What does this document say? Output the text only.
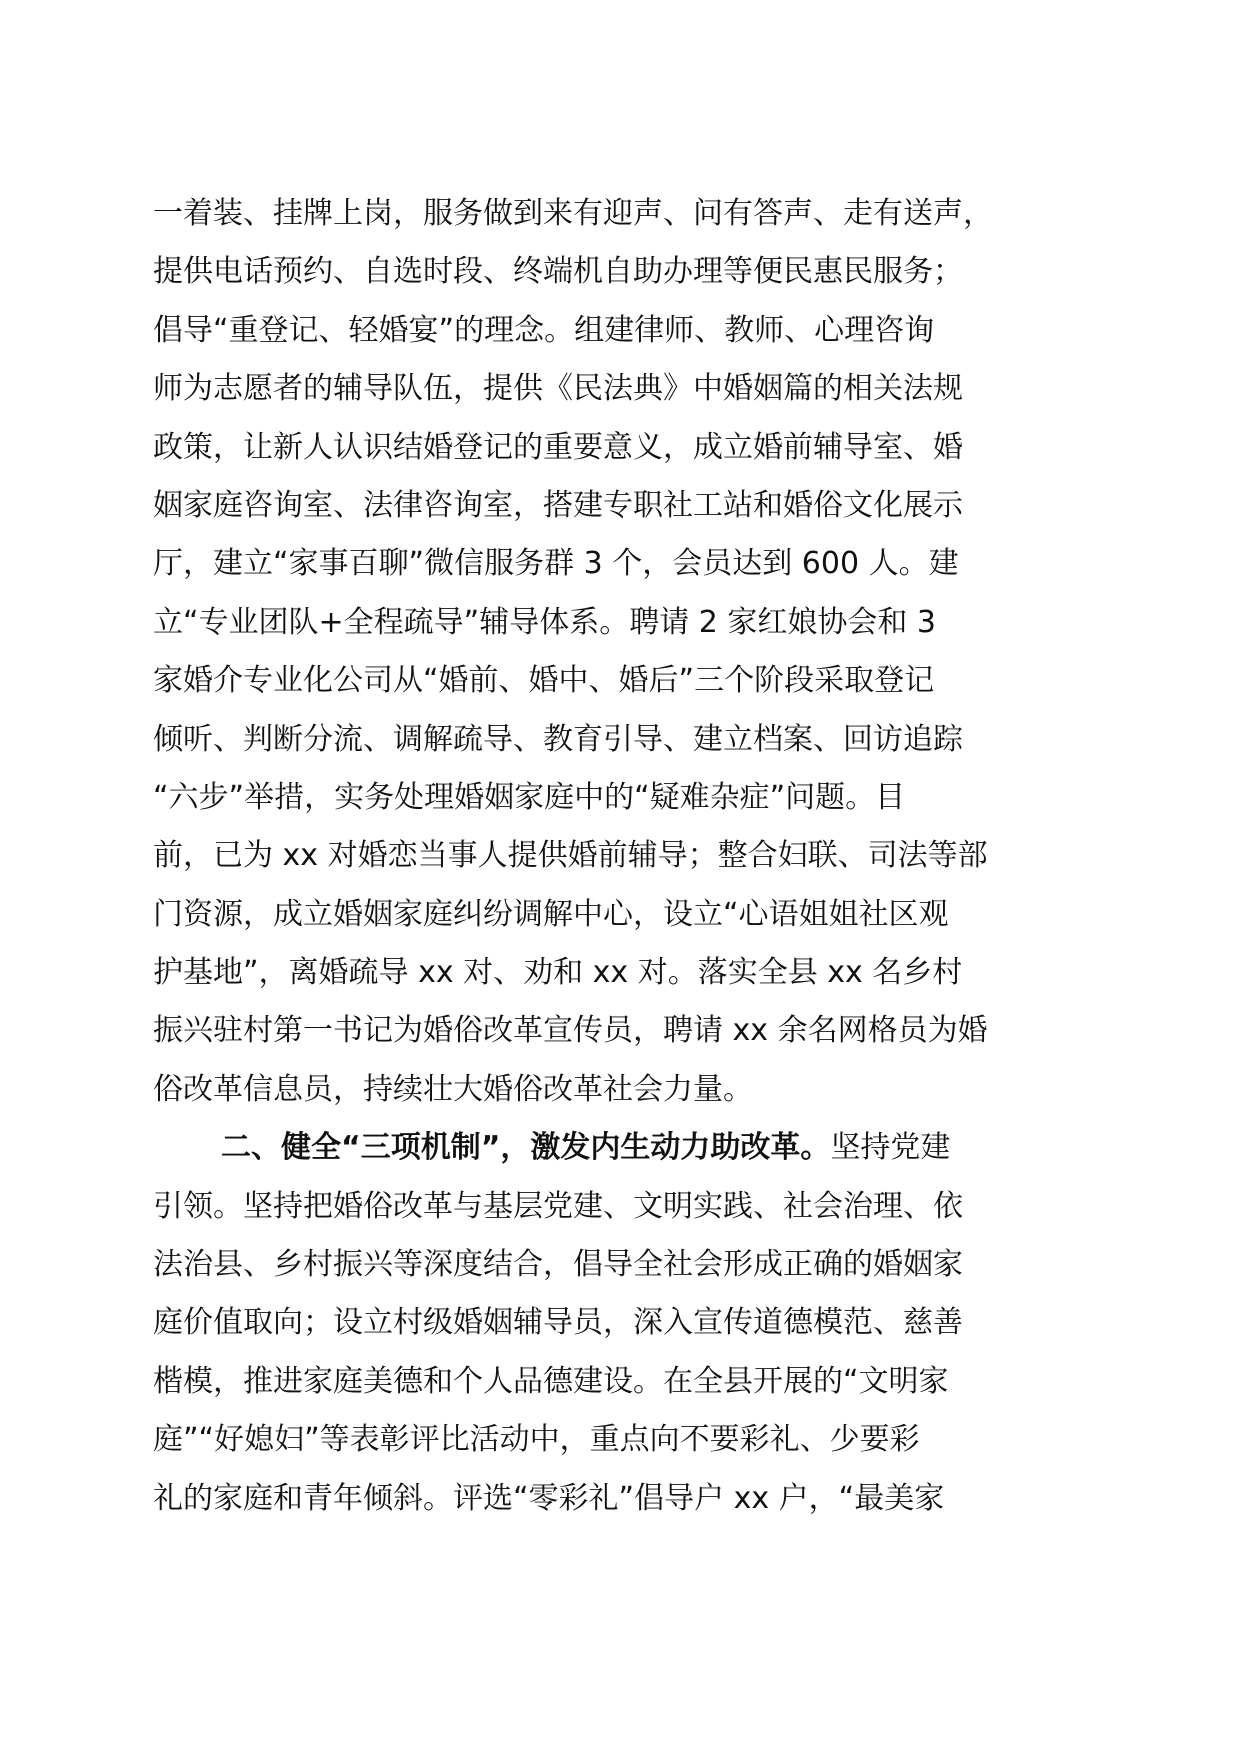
一着装、挂牌上岗，服务做到来有迎声、问有答声、走有送声，
提供电话预约、自选时段、终端机自助办理等便民惠民服务；
倡导“重登记、轻婚宴”的理念。组建律师、教师、心理咨询
师为志愿者的辅导队伍，提供《民法典》中婚姻篇的相关法规
政策，让新人认识结婚登记的重要意义，成立婚前辅导室、婚
姻家庭咨询室、法律咨询室，搭建专职社工站和婚俗文化展示
厅，建立“家事百聊”微信服务群 3 个，会员达到 600 人。建
立“专业团队+全程疏导”辅导体系。聘请 2 家红娘协会和 3
家婚介专业化公司从“婚前、婚中、婚后”三个阶段采取登记
倾听、判断分流、调解疏导、教育引导、建立档案、回访追踪
“六步”举措，实务处理婚姻家庭中的“疑难杂症”问题。目
前，已为 xx 对婚恋当事人提供婚前辅导；整合妇联、司法等部
门资源，成立婚姻家庭纠纷调解中心，设立“心语姐姐社区观
护基地”，离婚疏导 xx 对、劝和 xx 对。落实全县 xx 名乡村
振兴驻村第一书记为婚俗改革宣传员，聘请 xx 余名网格员为婚
俗改革信息员，持续壮大婚俗改革社会力量。
二、健全“三项机制”，激发内生动力助改革。坚持党建
引领。坚持把婚俗改革与基层党建、文明实践、社会治理、依
法治县、乡村振兴等深度结合，倡导全社会形成正确的婚姻家
庭价值取向；设立村级婚姻辅导员，深入宣传道德模范、慈善
楷模，推进家庭美德和个人品德建设。在全县开展的“文明家
庭”“好媳妇”等表彰评比活动中，重点向不要彩礼、少要彩
礼的家庭和青年倾斜。评选“零彩礼”倡导户 xx 户，“最美家
